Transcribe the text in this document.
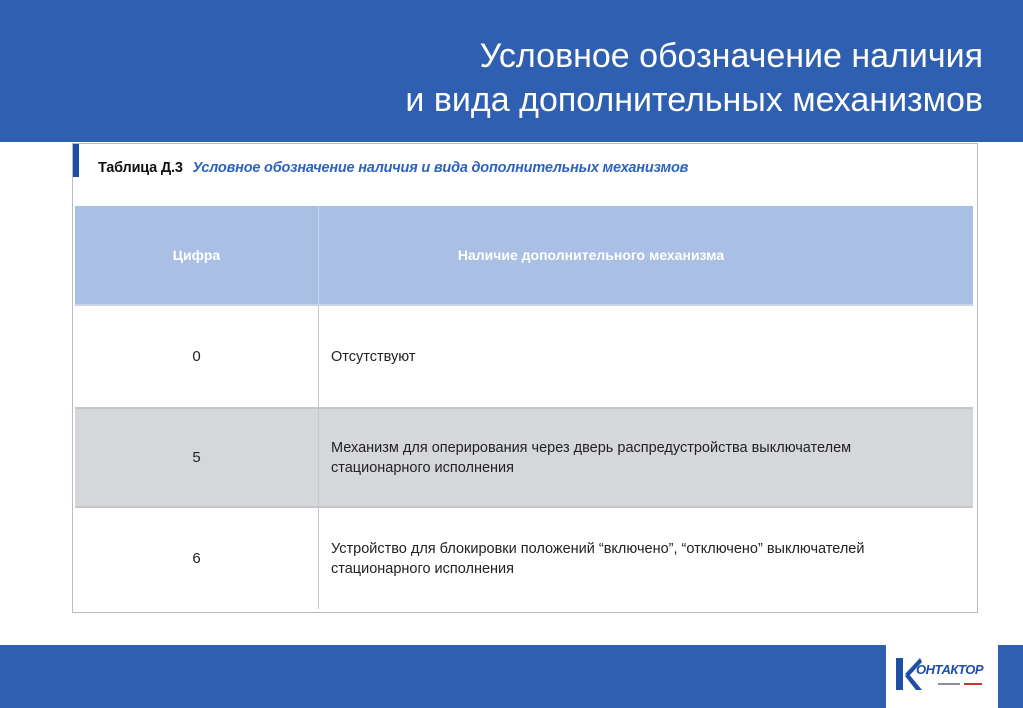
Условное обозначение наличия
и вида дополнительных механизмов
Таблица Д.3 Условное обозначение наличия и вида дополнительных механизмов
Цифра	Наличие дополнительного механизма
0	Отсутствуют
5
Механизм для оперирования через дверь распредустройства выключателем стационарного исполнения
6
Устройство для блокировки положений “включено”, “отключено” выключателей стационарного исполнения
ОНТАКТОР
